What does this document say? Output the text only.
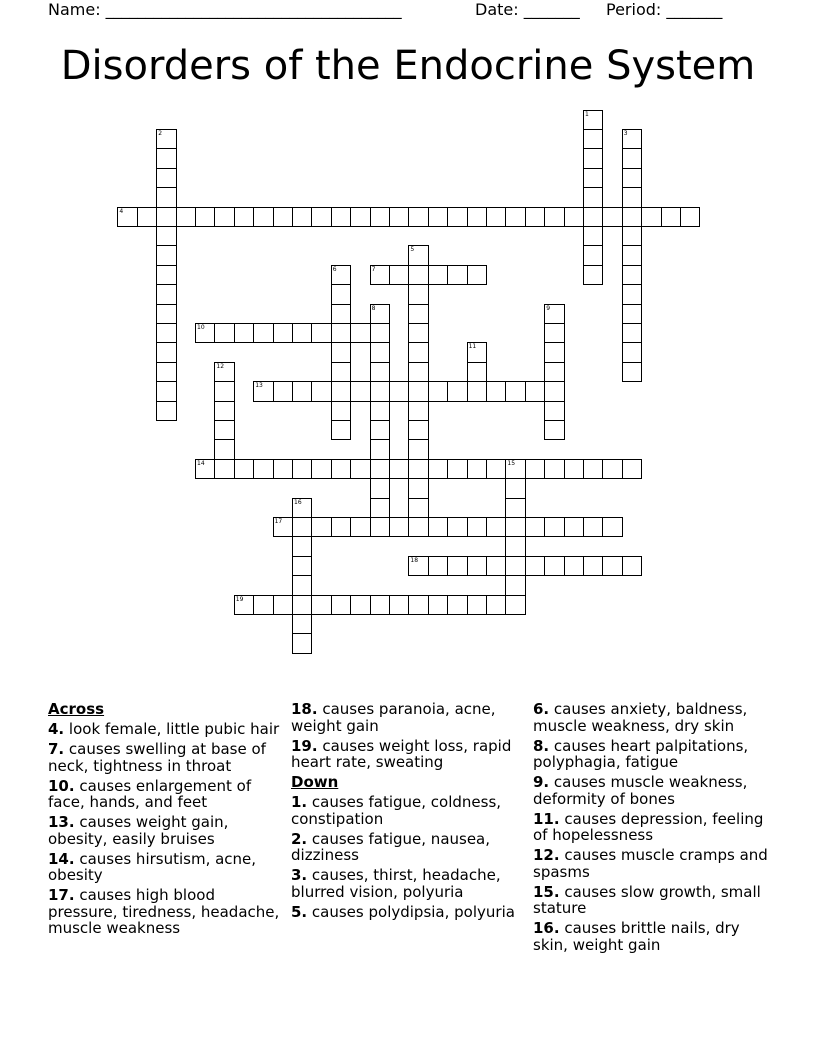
Name: _____________________________________	Date: _______ Period: _______
Disorders of the Endocrine System
4
7
10
13
14	15
17
18
19
1
2	3
5
6
8	9
11
12
16
Across
4. look female, little pubic hair
7. causes swelling at base of neck, tightness in throat
10. causes enlargement of face, hands, and feet
13. causes weight gain, obesity, easily bruises
14. causes hirsutism, acne, obesity
17. causes high blood pressure, tiredness, headache, muscle weakness
18. causes paranoia, acne, weight gain
19. causes weight loss, rapid heart rate, sweating
Down
1. causes fatigue, coldness, constipation
2. causes fatigue, nausea, dizziness
3. causes, thirst, headache, blurred vision, polyuria
5. causes polydipsia, polyuria
6. causes anxiety, baldness, muscle weakness, dry skin
8. causes heart palpitations, polyphagia, fatigue
9. causes muscle weakness, deformity of bones
11. causes depression, feeling of hopelessness
12. causes muscle cramps and spasms
15. causes slow growth, small stature
16. causes brittle nails, dry skin, weight gain
